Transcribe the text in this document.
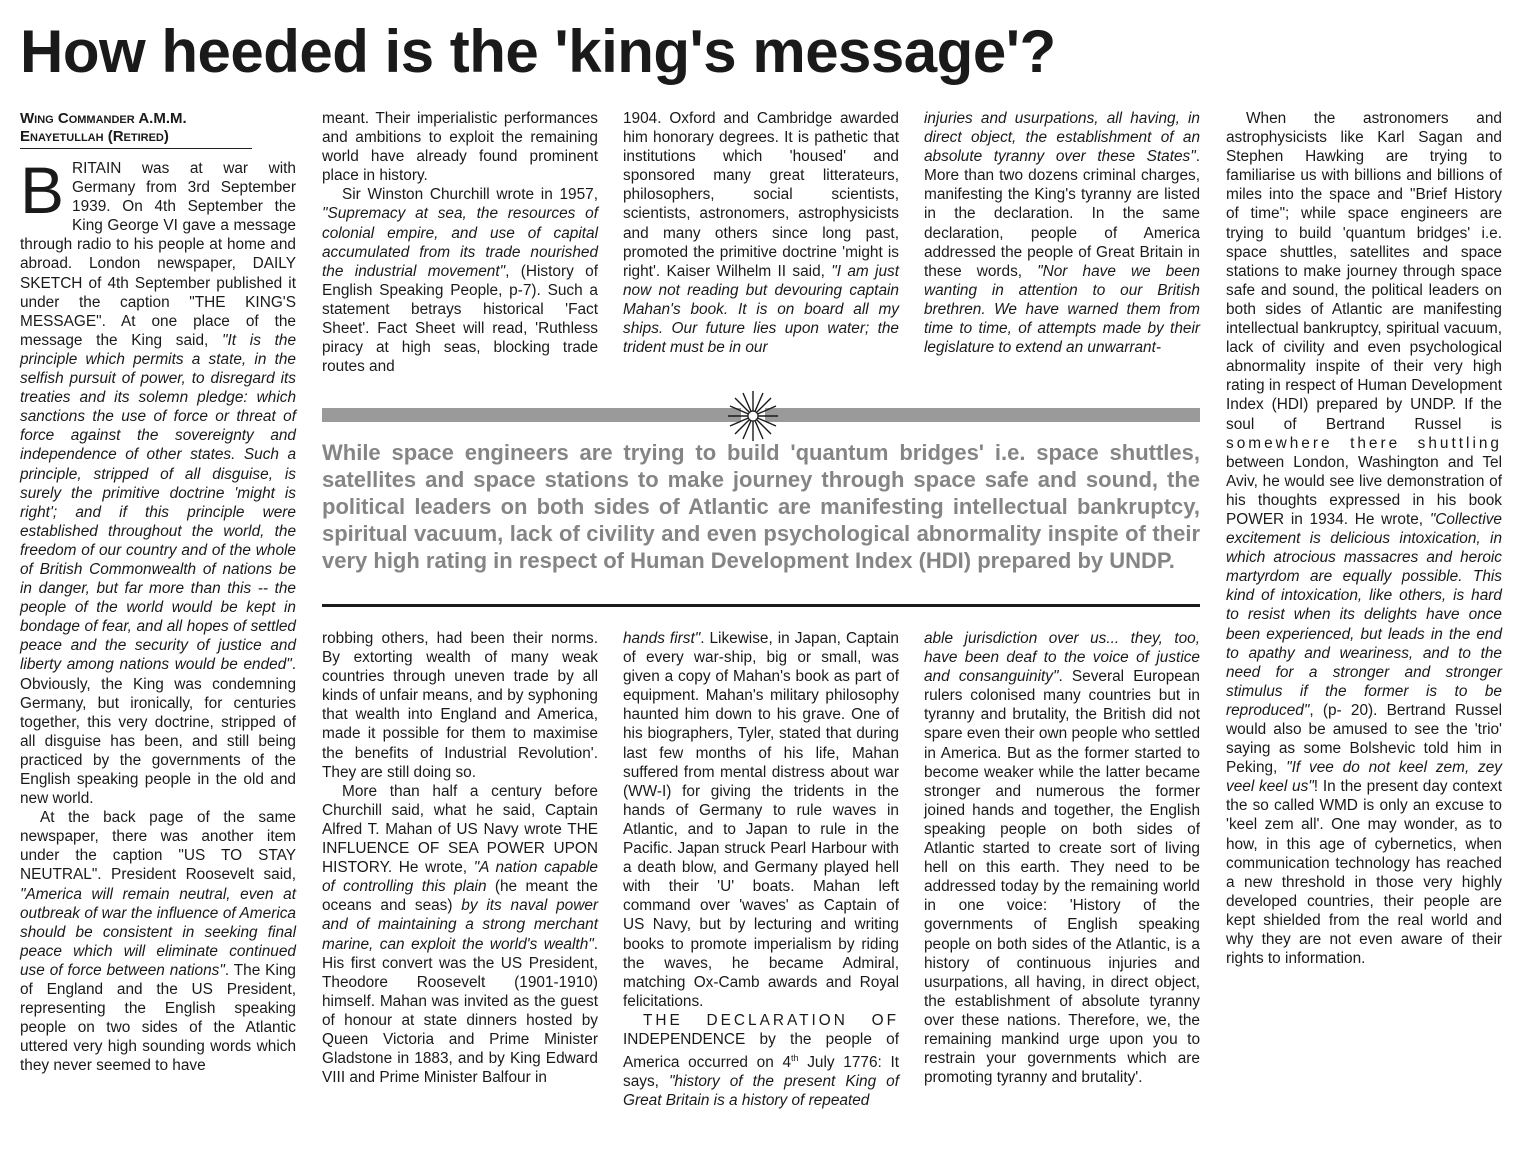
How heeded is the 'king's message'?
Wing Commander A.M.M.
Enayetullah (Retired)

BRITAIN was at war with Germany from 3rd September 1939. On 4th September the King George VI gave a message through radio to his people at home and abroad. London newspaper, DAILY SKETCH of 4th September published it under the caption "THE KING'S MESSAGE". At one place of the message the King said, "It is the principle which permits a state, in the selfish pursuit of power, to disregard its treaties and its solemn pledge: which sanctions the use of force or threat of force against the sovereignty and independence of other states. Such a principle, stripped of all disguise, is surely the primitive doctrine 'might is right'; and if this principle were established throughout the world, the freedom of our country and of the whole of British Commonwealth of nations be in danger, but far more than this -- the people of the world would be kept in bondage of fear, and all hopes of settled peace and the security of justice and liberty among nations would be ended". Obviously, the King was condemning Germany, but ironically, for centuries together, this very doctrine, stripped of all disguise has been, and still being practiced by the governments of the English speaking people in the old and new world.

At the back page of the same newspaper, there was another item under the caption "US TO STAY NEUTRAL". President Roosevelt said, "America will remain neutral, even at outbreak of war the influence of America should be consistent in seeking final peace which will eliminate continued use of force between nations". The King of England and the US President, representing the English speaking people on two sides of the Atlantic uttered very high sounding words which they never seemed to have

meant. Their imperialistic performances and ambitions to exploit the remaining world have already found prominent place in history.

Sir Winston Churchill wrote in 1957, "Supremacy at sea, the resources of colonial empire, and use of capital accumulated from its trade nourished the industrial movement", (History of English Speaking People, p-7). Such a statement betrays historical 'Fact Sheet'. Fact Sheet will read, 'Ruthless piracy at high seas, blocking trade routes and

1904. Oxford and Cambridge awarded him honorary degrees. It is pathetic that institutions which 'housed' and sponsored many great litterateurs, philosophers, social scientists, scientists, astronomers, astrophysicists and many others since long past, promoted the primitive doctrine 'might is right'. Kaiser Wilhelm II said, "I am just now not reading but devouring captain Mahan's book. It is on board all my ships. Our future lies upon water; the trident must be in our

injuries and usurpations, all having, in direct object, the establishment of an absolute tyranny over these States". More than two dozens criminal charges, manifesting the King's tyranny are listed in the declaration. In the same declaration, people of America addressed the people of Great Britain in these words, "Nor have we been wanting in attention to our British brethren. We have warned them from time to time, of attempts made by their legislature to extend an unwarrant-

While space engineers are trying to build 'quantum bridges' i.e. space shuttles, satellites and space stations to make journey through space safe and sound, the political leaders on both sides of Atlantic are manifesting intellectual bankruptcy, spiritual vacuum, lack of civility and even psychological abnormality inspite of their very high rating in respect of Human Development Index (HDI) prepared by UNDP.

robbing others, had been their norms. By extorting wealth of many weak countries through uneven trade by all kinds of unfair means, and by syphoning that wealth into England and America, made it possible for them to maximise the benefits of Industrial Revolution'. They are still doing so.

More than half a century before Churchill said, what he said, Captain Alfred T. Mahan of US Navy wrote THE INFLUENCE OF SEA POWER UPON HISTORY. He wrote, "A nation capable of controlling this plain (he meant the oceans and seas) by its naval power and of maintaining a strong merchant marine, can exploit the world's wealth". His first convert was the US President, Theodore Roosevelt (1901-1910) himself. Mahan was invited as the guest of honour at state dinners hosted by Queen Victoria and Prime Minister Gladstone in 1883, and by King Edward VIII and Prime Minister Balfour in

hands first". Likewise, in Japan, Captain of every war-ship, big or small, was given a copy of Mahan's book as part of equipment. Mahan's military philosophy haunted him down to his grave. One of his biographers, Tyler, stated that during last few months of his life, Mahan suffered from mental distress about war (WW-I) for giving the tridents in the hands of Germany to rule waves in Atlantic, and to Japan to rule in the Pacific. Japan struck Pearl Harbour with a death blow, and Germany played hell with their 'U' boats. Mahan left command over 'waves' as Captain of US Navy, but by lecturing and writing books to promote imperialism by riding the waves, he became Admiral, matching Ox-Camb awards and Royal felicitations.

THE DECLARATION OF INDEPENDENCE by the people of America occurred on 4th July 1776: It says, "history of the present King of Great Britain is a history of repeated

able jurisdiction over us... they, too, have been deaf to the voice of justice and consanguinity". Several European rulers colonised many countries but in tyranny and brutality, the British did not spare even their own people who settled in America. But as the former started to become weaker while the latter became stronger and numerous the former joined hands and together, the English speaking people on both sides of Atlantic started to create sort of living hell on this earth. They need to be addressed today by the remaining world in one voice: 'History of the governments of English speaking people on both sides of the Atlantic, is a history of continuous injuries and usurpations, all having, in direct object, the establishment of absolute tyranny over these nations. Therefore, we, the remaining mankind urge upon you to restrain your governments which are promoting tyranny and brutality'.

When the astronomers and astrophysicists like Karl Sagan and Stephen Hawking are trying to familiarise us with billions and billions of miles into the space and "Brief History of time"; while space engineers are trying to build 'quantum bridges' i.e. space shuttles, satellites and space stations to make journey through space safe and sound, the political leaders on both sides of Atlantic are manifesting intellectual bankruptcy, spiritual vacuum, lack of civility and even psychological abnormality inspite of their very high rating in respect of Human Development Index (HDI) prepared by UNDP. If the soul of Bertrand Russel is somewhere there shuttling between London, Washington and Tel Aviv, he would see live demonstration of his thoughts expressed in his book POWER in 1934. He wrote, "Collective excitement is delicious intoxication, in which atrocious massacres and heroic martyrdom are equally possible. This kind of intoxication, like others, is hard to resist when its delights have once been experienced, but leads in the end to apathy and weariness, and to the need for a stronger and stronger stimulus if the former is to be reproduced", (p- 20). Bertrand Russel would also be amused to see the 'trio' saying as some Bolshevic told him in Peking, "If vee do not keel zem, zey veel keel us"! In the present day context the so called WMD is only an excuse to 'keel zem all'. One may wonder, as to how, in this age of cybernetics, when communication technology has reached a new threshold in those very highly developed countries, their people are kept shielded from the real world and why they are not even aware of their rights to information.
